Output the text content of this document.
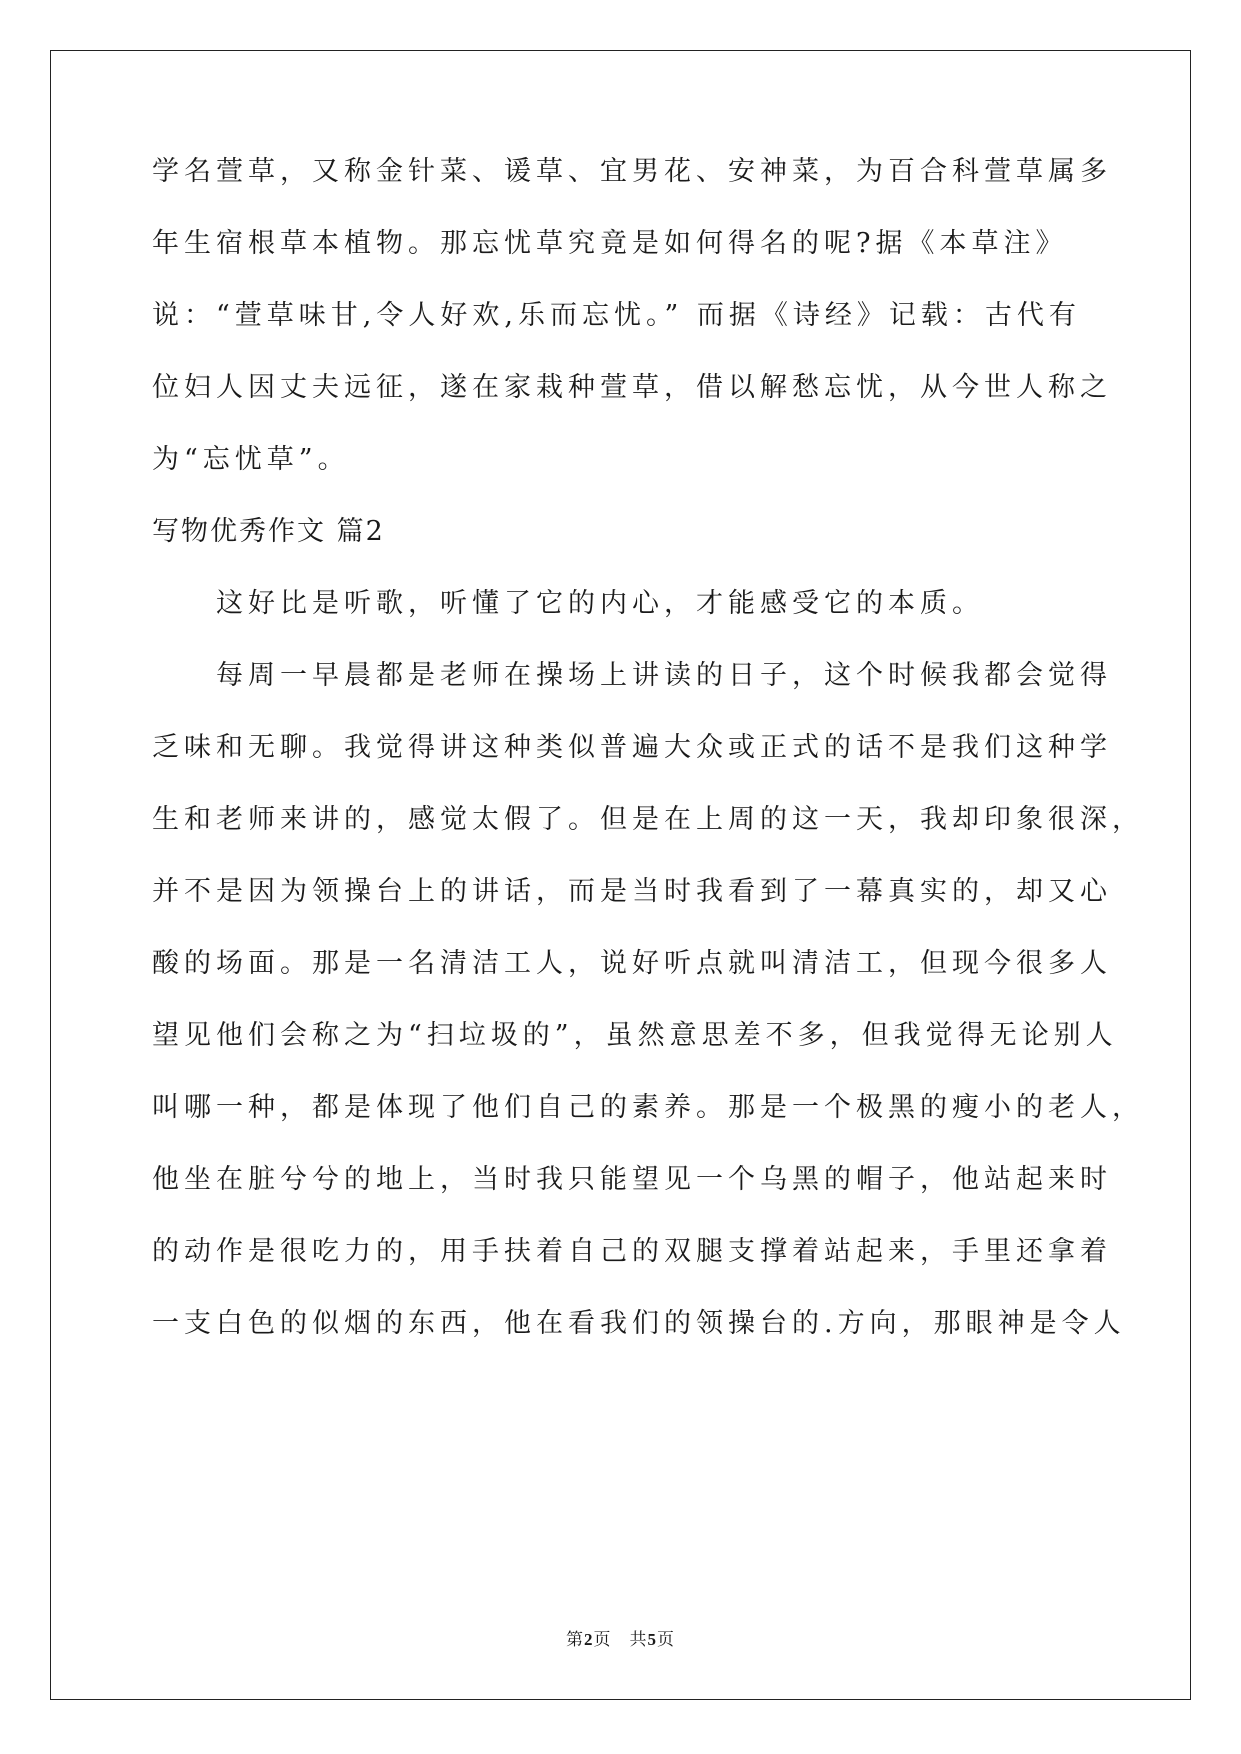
学名萱草，又称金针菜、谖草、宜男花、安神菜，为百合科萱草属多
年生宿根草本植物。那忘忧草究竟是如何得名的呢?据《本草注》
说：“萱草味甘,令人好欢,乐而忘忧。” 而据《诗经》记载：古代有
位妇人因丈夫远征，遂在家栽种萱草，借以解愁忘忧，从今世人称之
为“忘忧草”。
写物优秀作文 篇2
　　这好比是听歌，听懂了它的内心，才能感受它的本质。
　　每周一早晨都是老师在操场上讲读的日子，这个时候我都会觉得
乏味和无聊。我觉得讲这种类似普遍大众或正式的话不是我们这种学
生和老师来讲的，感觉太假了。但是在上周的这一天，我却印象很深，
并不是因为领操台上的讲话，而是当时我看到了一幕真实的，却又心
酸的场面。那是一名清洁工人，说好听点就叫清洁工，但现今很多人
望见他们会称之为“扫垃圾的”，虽然意思差不多，但我觉得无论别人
叫哪一种，都是体现了他们自己的素养。那是一个极黑的瘦小的老人，
他坐在脏兮兮的地上，当时我只能望见一个乌黑的帽子，他站起来时
的动作是很吃力的，用手扶着自己的双腿支撑着站起来，手里还拿着
一支白色的似烟的东西，他在看我们的领操台的.方向，那眼神是令人
第2页　共5页
